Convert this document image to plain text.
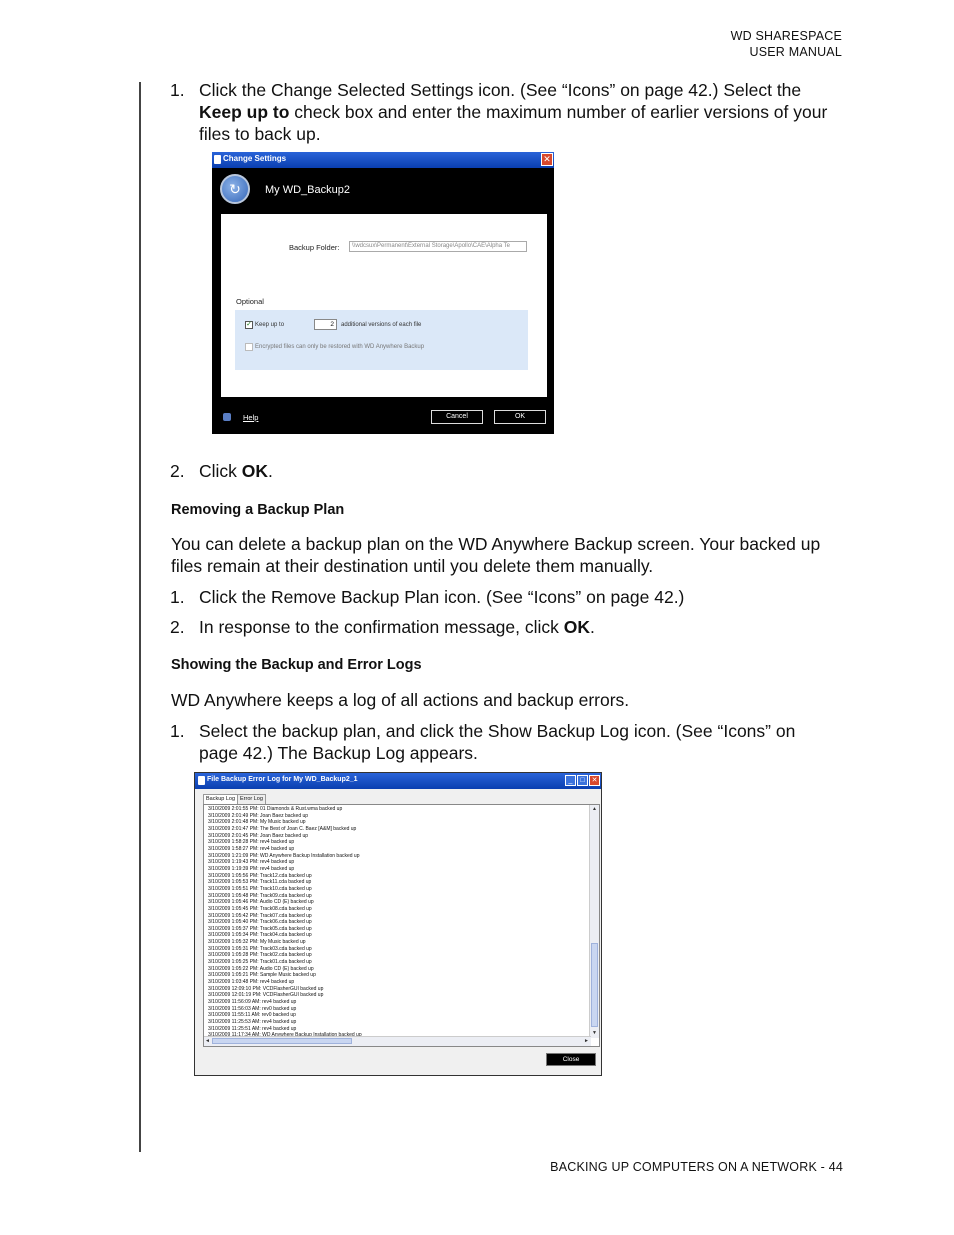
WD SHARESPACE
USER MANUAL
1. Click the Change Selected Settings icon. (See “Icons” on page 42.) Select the
Keep up to check box and enter the maximum number of earlier versions of your
files to back up.
Change Settings	✕
↻	My WD_Backup2
Backup Folder:	\\wdcsux\Permanent\External Storage\Apollo\CAE\Alpha Te
Optional
✓ Keep up to	2	additional versions of each file
Encrypted files can only be restored with WD Anywhere Backup
Help	Cancel	OK
2. Click OK.
Removing a Backup Plan
You can delete a backup plan on the WD Anywhere Backup screen. Your backed up
files remain at their destination until you delete them manually.
1. Click the Remove Backup Plan icon. (See “Icons” on page 42.)
2. In response to the confirmation message, click OK.
Showing the Backup and Error Logs
WD Anywhere keeps a log of all actions and backup errors.
1. Select the backup plan, and click the Show Backup Log icon. (See “Icons” on
page 42.) The Backup Log appears.
File Backup Error Log for My WD_Backup2_1	_	□ ✕
Backup Log Error Log
3/10/2009 2:01:55 PM: 01 Diamonds & Rust.wma backed up
3/10/2009 2:01:49 PM: Joan Baez backed up
3/10/2009 2:01:48 PM: My Music backed up
3/10/2009 2:01:47 PM: The Best of Joan C. Baez [A&M] backed up
3/10/2009 2:01:45 PM: Joan Baez backed up
3/10/2009 1:58:28 PM: rev4 backed up
3/10/2009 1:58:27 PM: rev4 backed up
3/10/2009 1:21:09 PM: WD Anywhere Backup Installation backed up
3/10/2009 1:19:43 PM: rev4 backed up
3/10/2009 1:19:39 PM: rev4 backed up
3/10/2009 1:05:56 PM: Track12.cda backed up
3/10/2009 1:05:53 PM: Track11.cda backed up
3/10/2009 1:05:51 PM: Track10.cda backed up
3/10/2009 1:05:48 PM: Track09.cda backed up
3/10/2009 1:05:46 PM: Audio CD (E) backed up
3/10/2009 1:05:45 PM: Track08.cda backed up
3/10/2009 1:05:42 PM: Track07.cda backed up
3/10/2009 1:05:40 PM: Track06.cda backed up
3/10/2009 1:05:37 PM: Track05.cda backed up
3/10/2009 1:05:34 PM: Track04.cda backed up
3/10/2009 1:05:32 PM: My Music backed up
3/10/2009 1:05:31 PM: Track03.cda backed up
3/10/2009 1:05:28 PM: Track02.cda backed up
3/10/2009 1:05:25 PM: Track01.cda backed up
3/10/2009 1:05:22 PM: Audio CD (E) backed up
3/10/2009 1:05:21 PM: Sample Music backed up
3/10/2009 1:03:48 PM: rev4 backed up
3/10/2009 12:09:10 PM: VCDFlasherGUI backed up
3/10/2009 12:01:19 PM: VCDFlasherGUI backed up
3/10/2009 11:56:09 AM: rev4 backed up
3/10/2009 11:56:03 AM: rev0 backed up
3/10/2009 11:55:11 AM: rev0 backed up
3/10/2009 11:25:53 AM: rev4 backed up
3/10/2009 11:25:51 AM: rev4 backed up
▲
▼
◄	►
Close
BACKING UP COMPUTERS ON A NETWORK - 44
